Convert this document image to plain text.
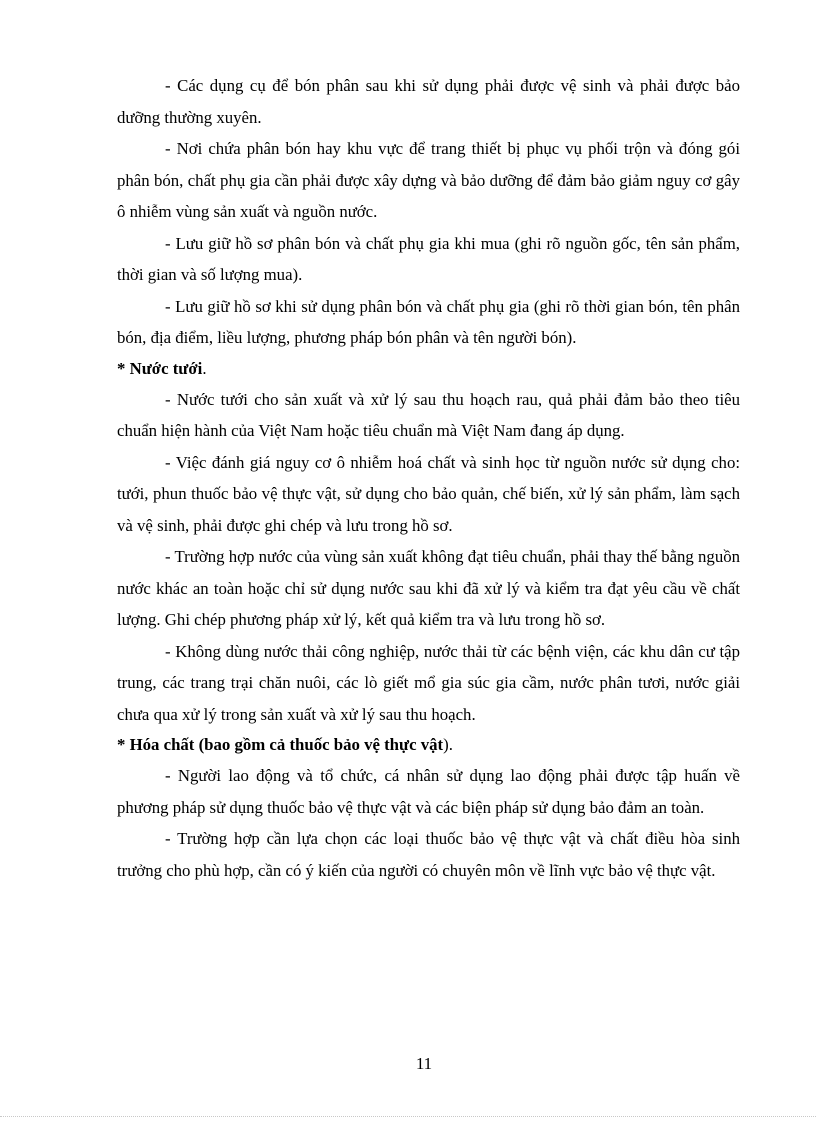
- Các dụng cụ để bón phân sau khi sử dụng phải được vệ sinh và phải được bảo dưỡng thường xuyên.

- Nơi chứa phân bón hay khu vực để trang thiết bị phục vụ phối trộn và đóng gói phân bón, chất phụ gia cần phải được xây dựng và bảo dưỡng để đảm bảo giảm nguy cơ gây ô nhiễm vùng sản xuất và nguồn nước.

- Lưu giữ hồ sơ phân bón và chất phụ gia khi mua (ghi rõ nguồn gốc, tên sản phẩm, thời gian và số lượng mua).

- Lưu giữ hồ sơ khi sử dụng phân bón và chất phụ gia (ghi rõ thời gian bón, tên phân bón, địa điểm, liều lượng, phương pháp bón phân và tên người bón).

* Nước tưới.

- Nước tưới cho sản xuất và xử lý sau thu hoạch rau, quả phải đảm bảo theo tiêu chuẩn hiện hành của Việt Nam hoặc tiêu chuẩn mà Việt Nam đang áp dụng.

- Việc đánh giá nguy cơ ô nhiễm hoá chất và sinh học từ nguồn nước sử dụng cho: tưới, phun thuốc bảo vệ thực vật, sử dụng cho bảo quản, chế biến, xử lý sản phẩm, làm sạch và vệ sinh, phải được ghi chép và lưu trong hồ sơ.

- Trường hợp nước của vùng sản xuất không đạt tiêu chuẩn, phải thay thế bằng nguồn nước khác an toàn hoặc chỉ sử dụng nước sau khi đã xử lý và kiểm tra đạt yêu cầu về chất lượng. Ghi chép phương pháp xử lý, kết quả kiểm tra và lưu trong hồ sơ.

- Không dùng nước thải công nghiệp, nước thải từ các bệnh viện, các khu dân cư tập trung, các trang trại chăn nuôi, các lò giết mổ gia súc gia cầm, nước phân tươi, nước giải chưa qua xử lý trong sản xuất và xử lý sau thu hoạch.

* Hóa chất (bao gồm cả thuốc bảo vệ thực vật).

- Người lao động và tổ chức, cá nhân sử dụng lao động phải được tập huấn về phương pháp sử dụng thuốc bảo vệ thực vật và các biện pháp sử dụng bảo đảm an toàn.

- Trường hợp cần lựa chọn các loại thuốc bảo vệ thực vật và chất điều hòa sinh trưởng cho phù hợp, cần có ý kiến của người có chuyên môn về lĩnh vực bảo vệ thực vật.

11
